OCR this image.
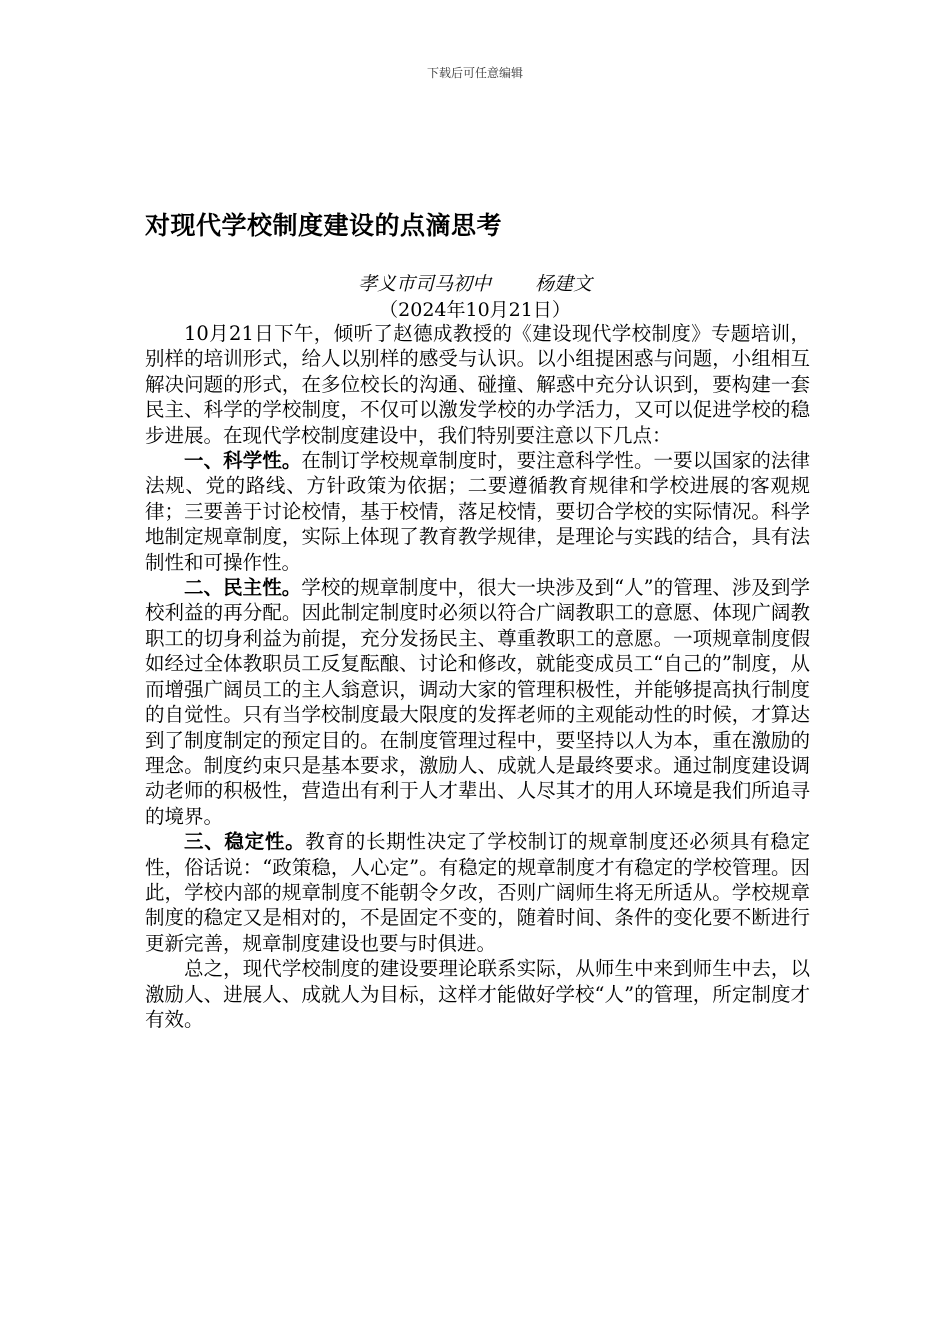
下载后可任意编辑
对现代学校制度建设的点滴思考
孝义市司马初中 杨建文
（2024年10月21日）

10月21日下午，倾听了赵德成教授的《建设现代学校制度》专题培训，别样的培训形式，给人以别样的感受与认识。以小组提困惑与问题，小组相互解决问题的形式，在多位校长的沟通、碰撞、解惑中充分认识到，要构建一套民主、科学的学校制度，不仅可以激发学校的办学活力，又可以促进学校的稳步进展。在现代学校制度建设中，我们特别要注意以下几点：

一、科学性。在制订学校规章制度时，要注意科学性。一要以国家的法律法规、党的路线、方针政策为依据；二要遵循教育规律和学校进展的客观规律；三要善于讨论校情，基于校情，落足校情，要切合学校的实际情况。科学地制定规章制度，实际上体现了教育教学规律，是理论与实践的结合，具有法制性和可操作性。

二、民主性。学校的规章制度中，很大一块涉及到“人”的管理、涉及到学校利益的再分配。因此制定制度时必须以符合广阔教职工的意愿、体现广阔教职工的切身利益为前提，充分发扬民主、尊重教职工的意愿。一项规章制度假如经过全体教职员工反复酝酿、讨论和修改，就能变成员工“自己的”制度，从而增强广阔员工的主人翁意识，调动大家的管理积极性，并能够提高执行制度的自觉性。只有当学校制度最大限度的发挥老师的主观能动性的时候，才算达到了制度制定的预定目的。在制度管理过程中，要坚持以人为本，重在激励的理念。制度约束只是基本要求，激励人、成就人是最终要求。通过制度建设调动老师的积极性，营造出有利于人才辈出、人尽其才的用人环境是我们所追寻的境界。

三、稳定性。教育的长期性决定了学校制订的规章制度还必须具有稳定性，俗话说：“政策稳，人心定”。有稳定的规章制度才有稳定的学校管理。因此，学校内部的规章制度不能朝令夕改，否则广阔师生将无所适从。学校规章制度的稳定又是相对的，不是固定不变的，随着时间、条件的变化要不断进行更新完善，规章制度建设也要与时俱进。

总之，现代学校制度的建设要理论联系实际，从师生中来到师生中去，以激励人、进展人、成就人为目标，这样才能做好学校“人”的管理，所定制度才有效。
